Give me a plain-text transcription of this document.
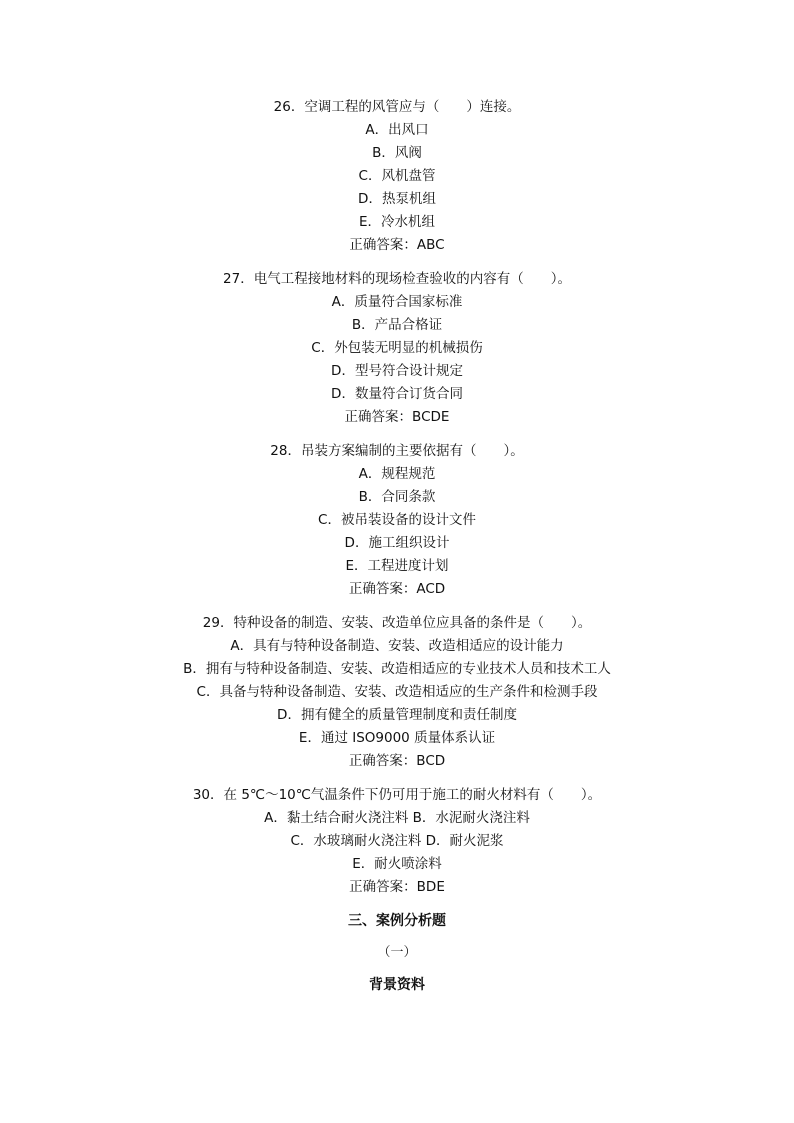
26．空调工程的风管应与（　　）连接。
A．出风口
B．风阀
C．风机盘管
D．热泵机组
E．冷水机组
正确答案：ABC
27．电气工程接地材料的现场检查验收的内容有（　　）。
A．质量符合国家标准
B．产品合格证
C．外包装无明显的机械损伤
D．型号符合设计规定
D．数量符合订货合同
正确答案：BCDE
28．吊装方案编制的主要依据有（　　）。
A．规程规范
B．合同条款
C．被吊装设备的设计文件
D．施工组织设计
E．工程进度计划
正确答案：ACD
29．特种设备的制造、安装、改造单位应具备的条件是（　　）。
A．具有与特种设备制造、安装、改造相适应的设计能力
B．拥有与特种设备制造、安装、改造相适应的专业技术人员和技术工人
C．具备与特种设备制造、安装、改造相适应的生产条件和检测手段
D．拥有健全的质量管理制度和责任制度
E．通过 ISO9000 质量体系认证
正确答案：BCD
30．在 5℃～10℃气温条件下仍可用于施工的耐火材料有（　　）。
A．黏土结合耐火浇注料 B．水泥耐火浇注料
C．水玻璃耐火浇注料 D．耐火泥浆
E．耐火喷涂料
正确答案：BDE
三、案例分析题
（一）
背景资料
